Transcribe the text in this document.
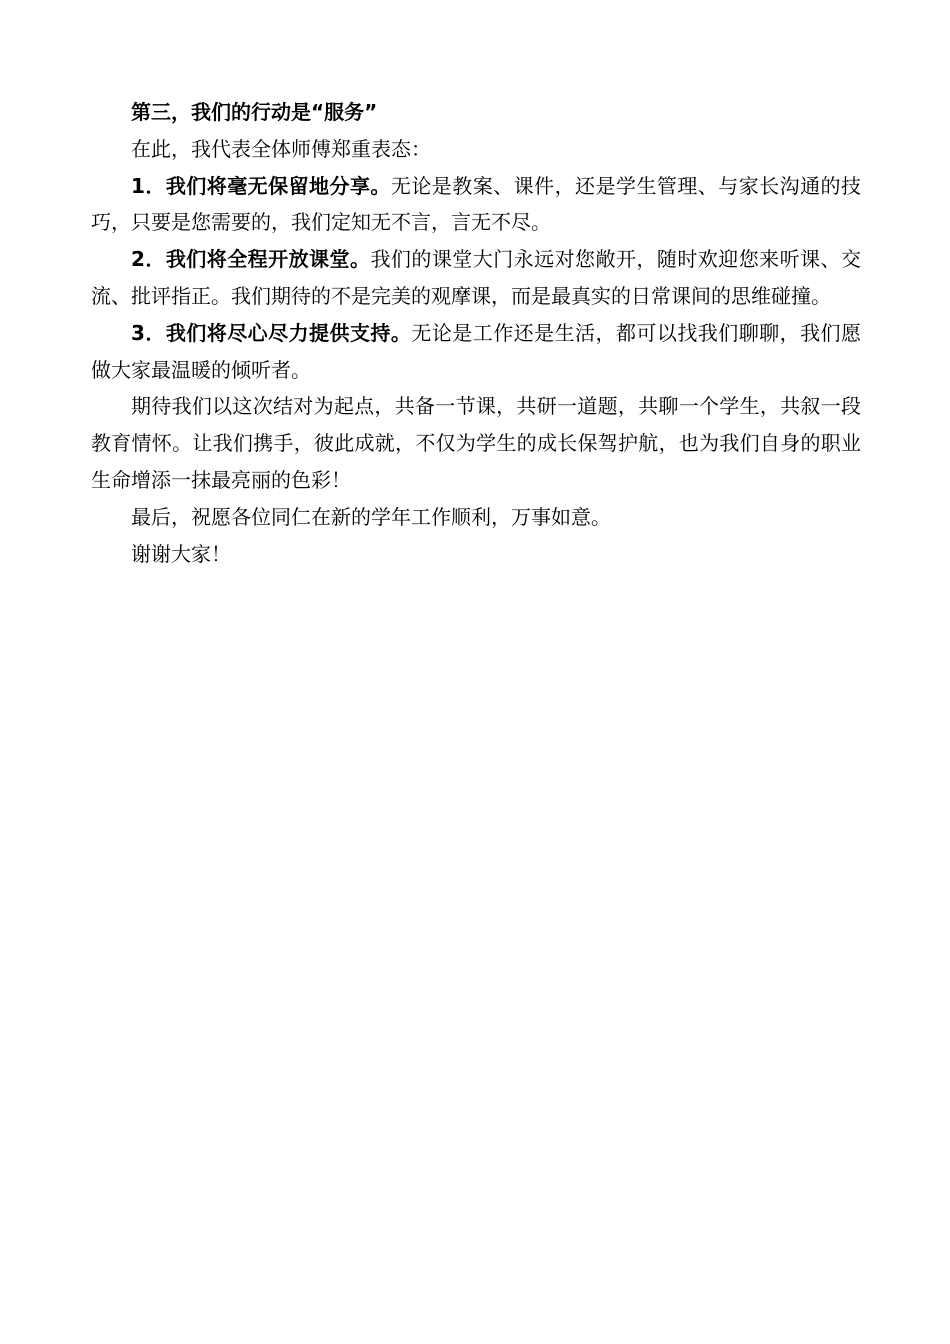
第三，我们的行动是“服务”

在此，我代表全体师傅郑重表态：

1．我们将毫无保留地分享。无论是教案、课件，还是学生管理、与家长沟通的技巧，只要是您需要的，我们定知无不言，言无不尽。

2．我们将全程开放课堂。我们的课堂大门永远对您敞开，随时欢迎您来听课、交流、批评指正。我们期待的不是完美的观摩课，而是最真实的日常课间的思维碰撞。

3．我们将尽心尽力提供支持。无论是工作还是生活，都可以找我们聊聊，我们愿做大家最温暖的倾听者。

期待我们以这次结对为起点，共备一节课，共研一道题，共聊一个学生，共叙一段教育情怀。让我们携手，彼此成就，不仅为学生的成长保驾护航，也为我们自身的职业生命增添一抹最亮丽的色彩！

最后，祝愿各位同仁在新的学年工作顺利，万事如意。

谢谢大家！
